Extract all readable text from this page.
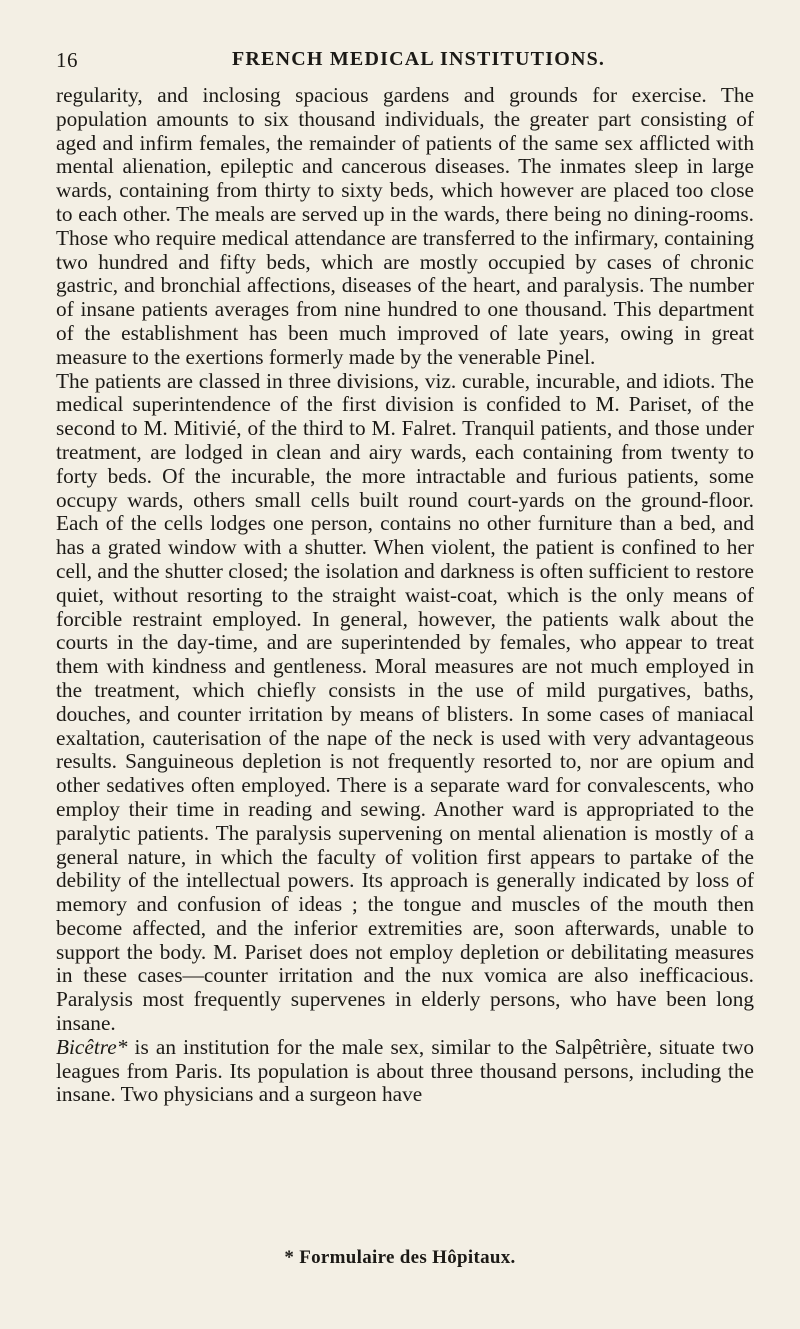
16	FRENCH MEDICAL INSTITUTIONS.

regularity, and inclosing spacious gardens and grounds for exercise. The population amounts to six thousand individuals, the greater part consisting of aged and infirm females, the remainder of patients of the same sex afflicted with mental alienation, epileptic and cancerous diseases. The inmates sleep in large wards, containing from thirty to sixty beds, which however are placed too close to each other. The meals are served up in the wards, there being no dining-rooms. Those who require medical attendance are transferred to the infirmary, containing two hundred and fifty beds, which are mostly occupied by cases of chronic gastric, and bronchial affections, diseases of the heart, and paralysis. The number of insane patients averages from nine hundred to one thousand. This department of the establishment has been much improved of late years, owing in great measure to the exertions formerly made by the venerable Pinel.

The patients are classed in three divisions, viz. curable, incurable, and idiots. The medical superintendence of the first division is confided to M. Pariset, of the second to M. Mitivié, of the third to M. Falret. Tranquil patients, and those under treatment, are lodged in clean and airy wards, each containing from twenty to forty beds. Of the incurable, the more intractable and furious patients, some occupy wards, others small cells built round court-yards on the ground-floor. Each of the cells lodges one person, contains no other furniture than a bed, and has a grated window with a shutter. When violent, the patient is confined to her cell, and the shutter closed; the isolation and darkness is often sufficient to restore quiet, without resorting to the straight waist-coat, which is the only means of forcible restraint employed. In general, however, the patients walk about the courts in the day-time, and are superintended by females, who appear to treat them with kindness and gentleness. Moral measures are not much employed in the treatment, which chiefly consists in the use of mild purgatives, baths, douches, and counter irritation by means of blisters. In some cases of maniacal exaltation, cauterisation of the nape of the neck is used with very advantageous results. Sanguineous depletion is not frequently resorted to, nor are opium and other sedatives often employed. There is a separate ward for convalescents, who employ their time in reading and sewing. Another ward is appropriated to the paralytic patients. The paralysis supervening on mental alienation is mostly of a general nature, in which the faculty of volition first appears to partake of the debility of the intellectual powers. Its approach is generally indicated by loss of memory and confusion of ideas ; the tongue and muscles of the mouth then become affected, and the inferior extremities are, soon afterwards, unable to support the body. M. Pariset does not employ depletion or debilitating measures in these cases—counter irritation and the nux vomica are also inefficacious. Paralysis most frequently supervenes in elderly persons, who have been long insane.

Bicêtre* is an institution for the male sex, similar to the Salpêtrière, situate two leagues from Paris. Its population is about three thousand persons, including the insane. Two physicians and a surgeon have

* Formulaire des Hôpitaux.
